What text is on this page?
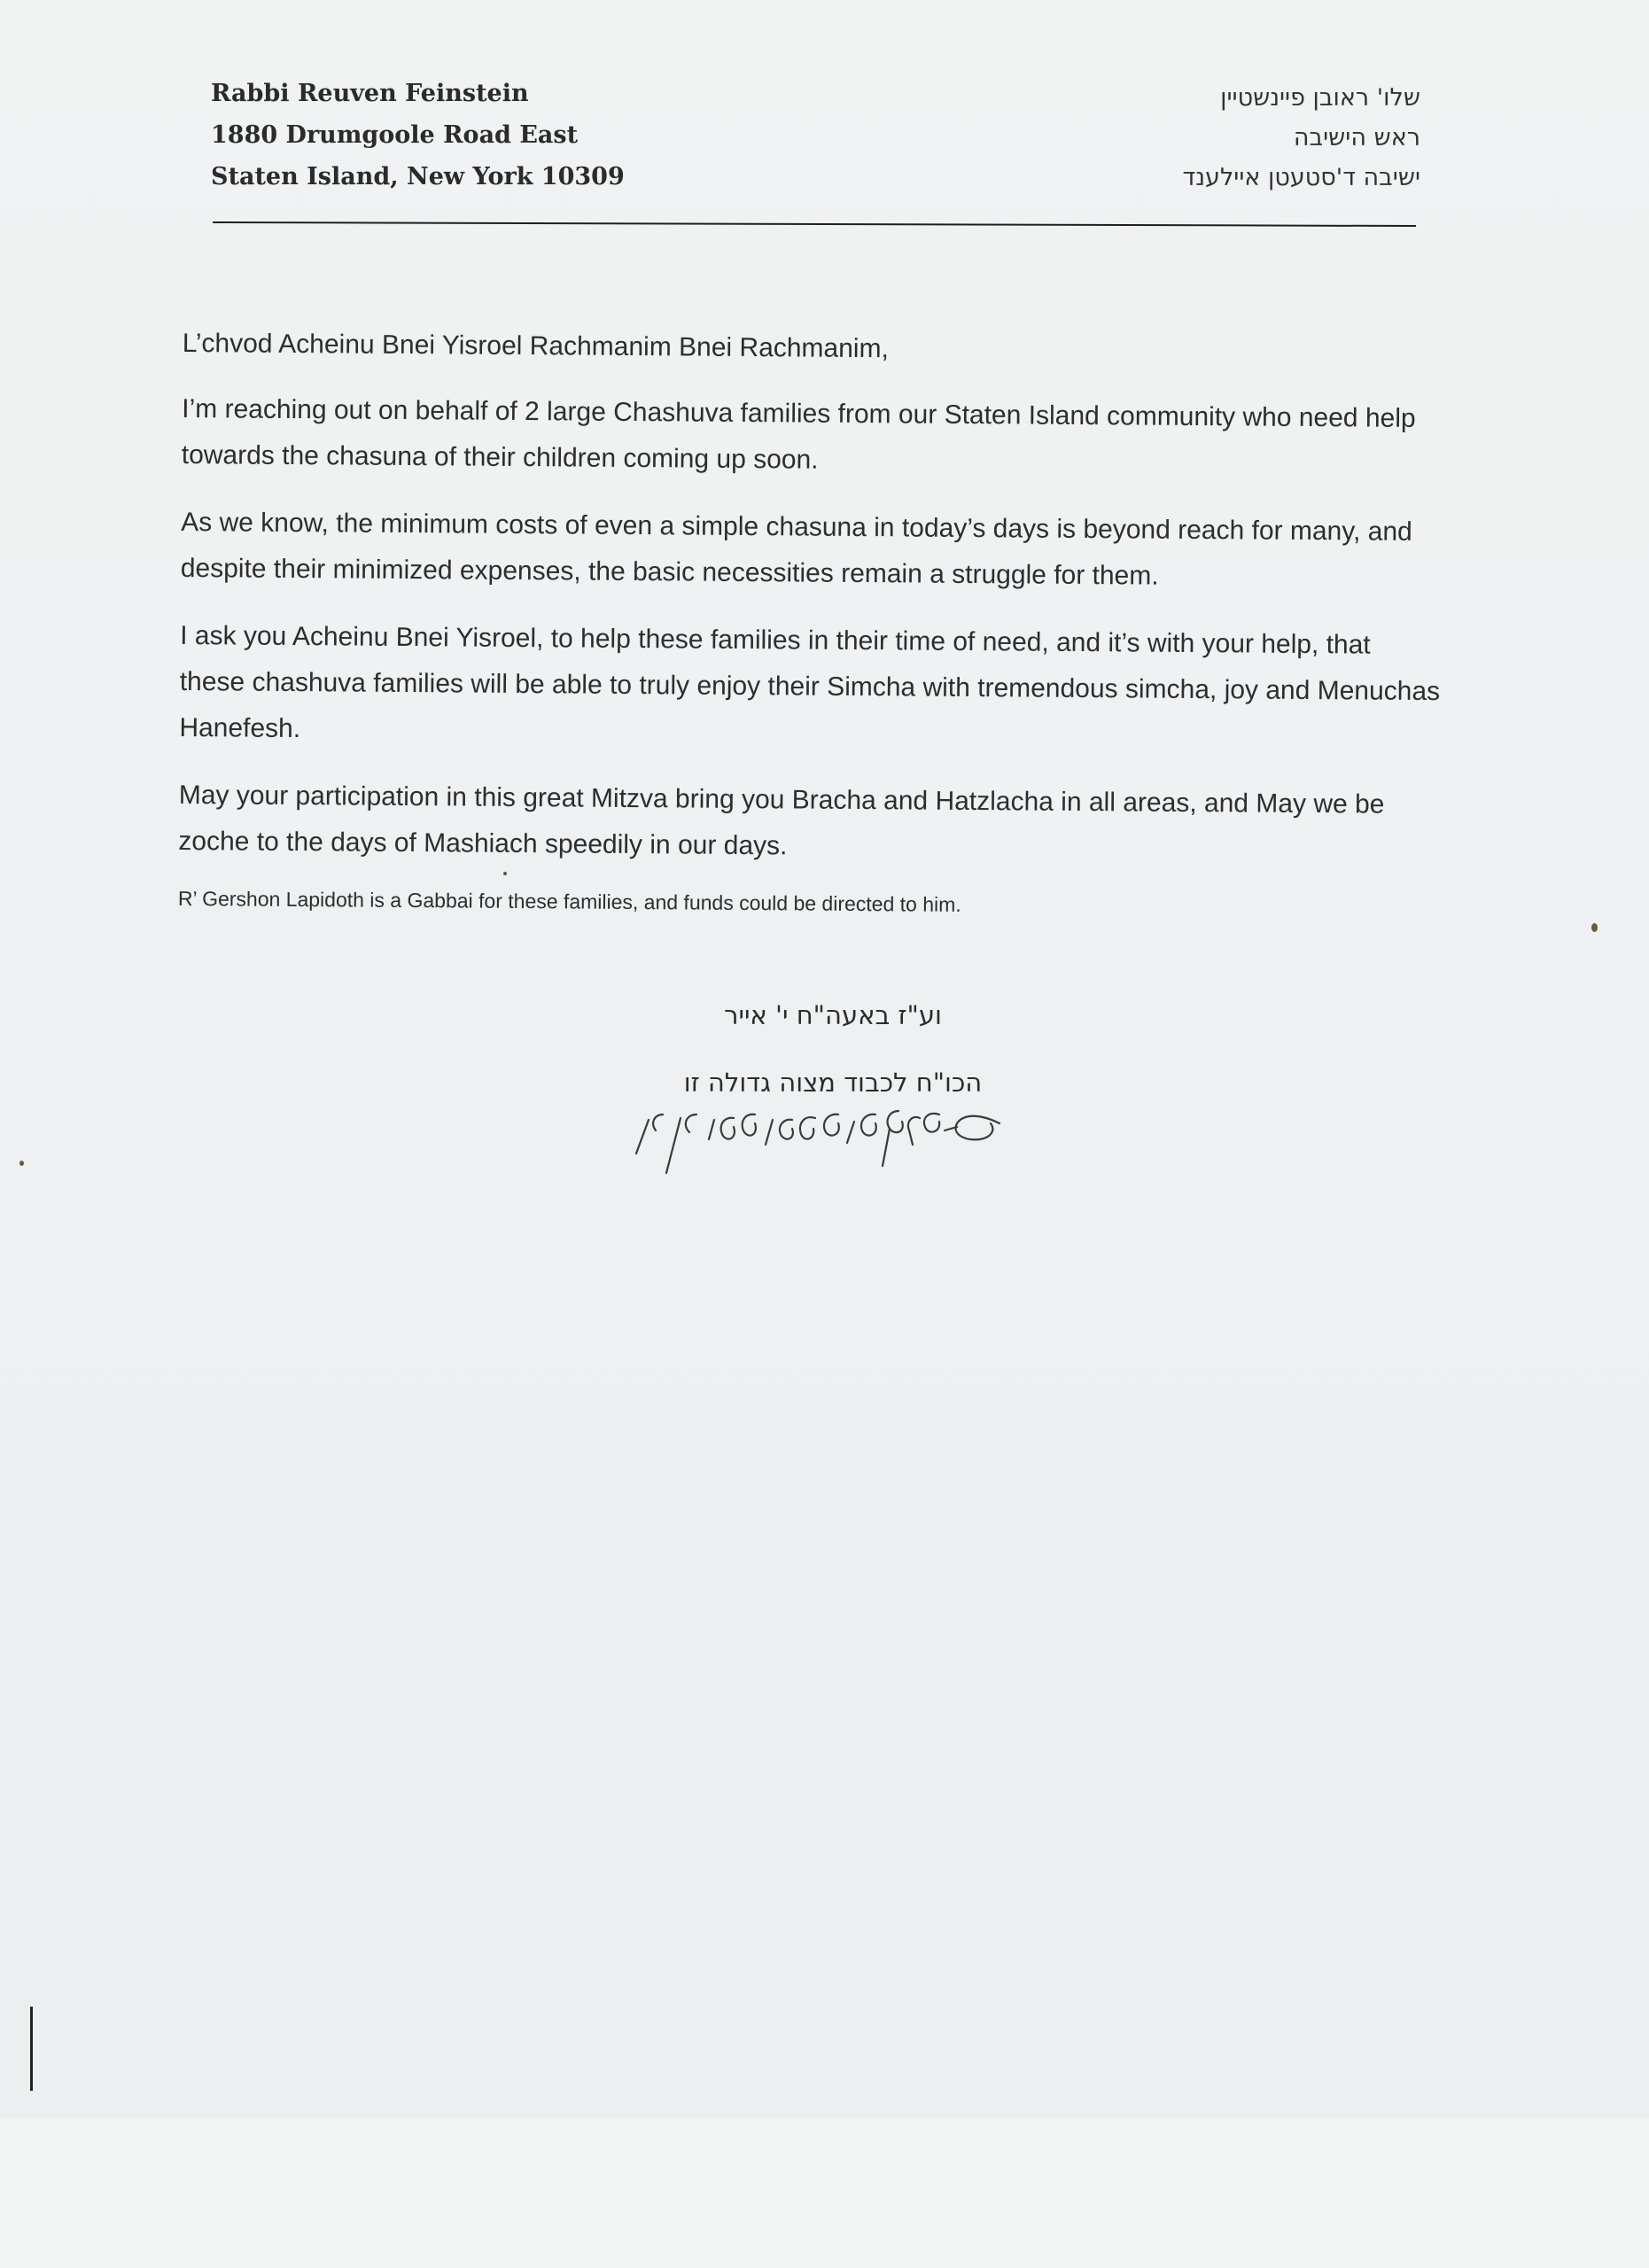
Rabbi Reuven Feinstein
1880 Drumgoole Road East
Staten Island, New York 10309
שלו' ראובן פיינשטיין
ראש הישיבה
ישיבה ד'סטעטן איילענד

L’chvod Acheinu Bnei Yisroel Rachmanim Bnei Rachmanim,

I’m reaching out on behalf of 2 large Chashuva families from our Staten Island community who need help towards the chasuna of their children coming up soon.

As we know, the minimum costs of even a simple chasuna in today’s days is beyond reach for many, and despite their minimized expenses, the basic necessities remain a struggle for them.

I ask you Acheinu Bnei Yisroel, to help these families in their time of need, and it’s with your help, that these chashuva families will be able to truly enjoy their Simcha with tremendous simcha, joy and Menuchas Hanefesh.

May your participation in this great Mitzva bring you Bracha and Hatzlacha in all areas, and May we be zoche to the days of Mashiach speedily in our days.

R’ Gershon Lapidoth is a Gabbai for these families, and funds could be directed to him.

וע"ז באעה"ח י' אייר
הכו"ח לכבוד מצוה גדולה זו
